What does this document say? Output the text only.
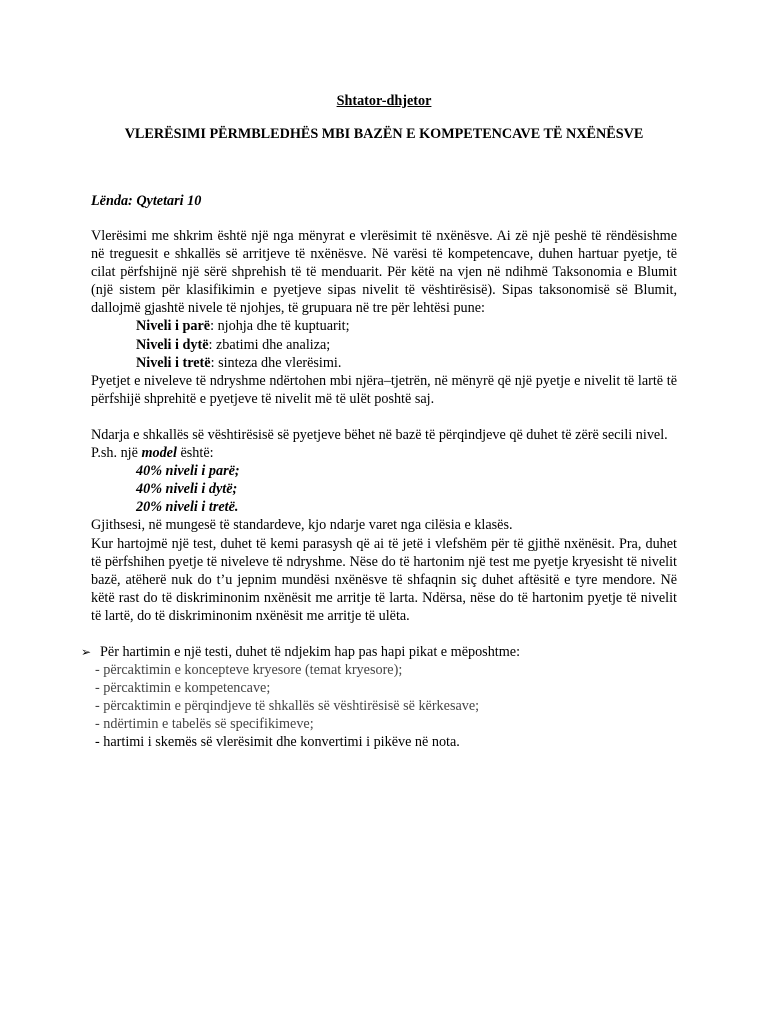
Shtator-dhjetor
VLERËSIMI PËRMBLEDHËS MBI BAZËN E KOMPETENCAVE TË NXËNËSVE
Lënda: Qytetari 10
Vlerësimi me shkrim është një nga mënyrat e vlerësimit të nxënësve. Ai zë një peshë të rëndësishme në treguesit e shkallës së arritjeve të nxënësve. Në varësi të kompetencave, duhen hartuar pyetje, të cilat përfshijnë një sërë shprehish të të menduarit. Për këtë na vjen në ndihmë Taksonomia e Blumit (një sistem për klasifikimin e pyetjeve sipas nivelit të vështirësisë). Sipas taksonomisë së Blumit, dallojmë gjashtë nivele të njohjes, të grupuara në tre për lehtësi pune:
Niveli i parë: njohja dhe të kuptuarit;
Niveli i dytë: zbatimi dhe analiza;
Niveli i tretë: sinteza dhe vlerësimi.
Pyetjet e niveleve të ndryshme ndërtohen mbi njëra–tjetrën, në mënyrë që një pyetje e nivelit të lartë të përfshijë shprehitë e pyetjeve të nivelit më të ulët poshtë saj.
Ndarja e shkallës së vështirësisë së pyetjeve bëhet në bazë të përqindjeve që duhet të zërë secili nivel.
P.sh. një model është:
40% niveli i parë;
40% niveli i dytë;
20% niveli i tretë.
Gjithsesi, në mungesë të standardeve, kjo ndarje varet nga cilësia e klasës.
Kur hartojmë një test, duhet të kemi parasysh që ai të jetë i vlefshëm për të gjithë nxënësit. Pra, duhet të përfshihen pyetje të niveleve të ndryshme. Nëse do të hartonim një test me pyetje kryesisht të nivelit bazë, atëherë nuk do t’u jepnim mundësi nxënësve të shfaqnin siç duhet aftësitë e tyre mendore. Në këtë rast do të diskriminonim nxënësit me arritje të larta. Ndërsa, nëse do të hartonim pyetje të nivelit të lartë, do të diskriminonim nxënësit me arritje të ulëta.
➢ Për hartimin e një testi, duhet të ndjekim hap pas hapi pikat e mëposhtme:
- përcaktimin e koncepteve kryesore (temat kryesore);
- përcaktimin e kompetencave;
- përcaktimin e përqindjeve të shkallës së vështirësisë së kërkesave;
- ndërtimin e tabelës së specifikimeve;
- hartimi i skemës së vlerësimit dhe konvertimi i pikëve në nota.
